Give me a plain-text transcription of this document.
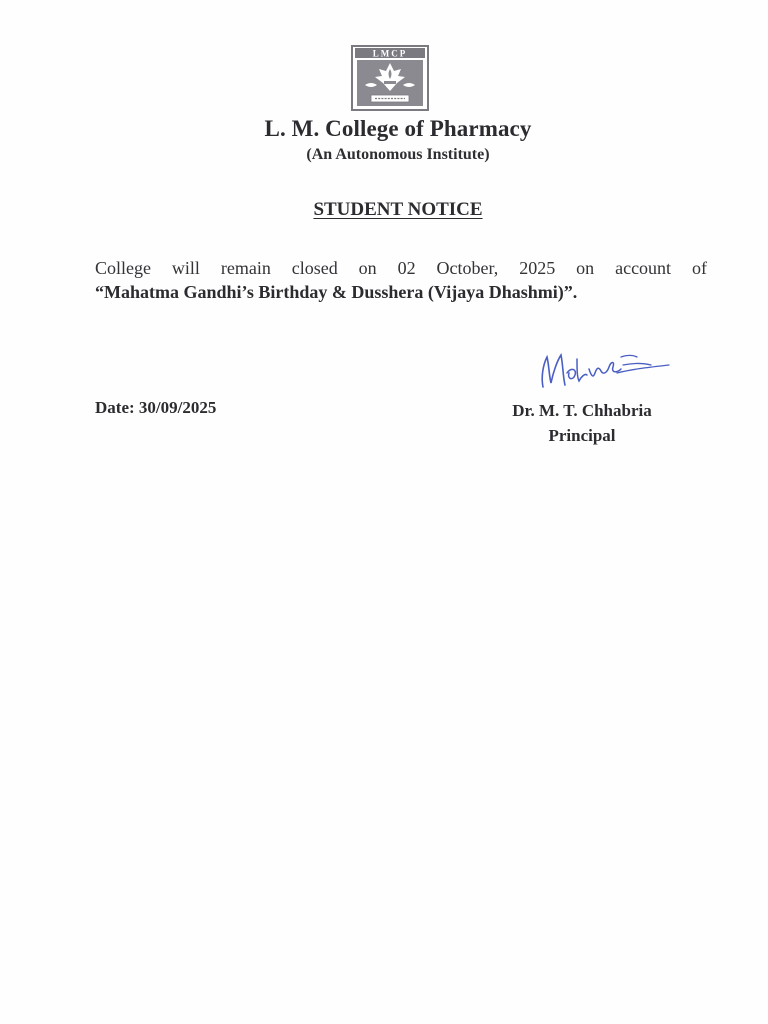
LMCP
L. M. College of Pharmacy
(An Autonomous Institute)
STUDENT NOTICE
College will remain closed on 02 October, 2025 on account of
“Mahatma Gandhi’s Birthday & Dusshera (Vijaya Dhashmi)”.
Date: 30/09/2025	Dr. M. T. Chhabria
Principal
